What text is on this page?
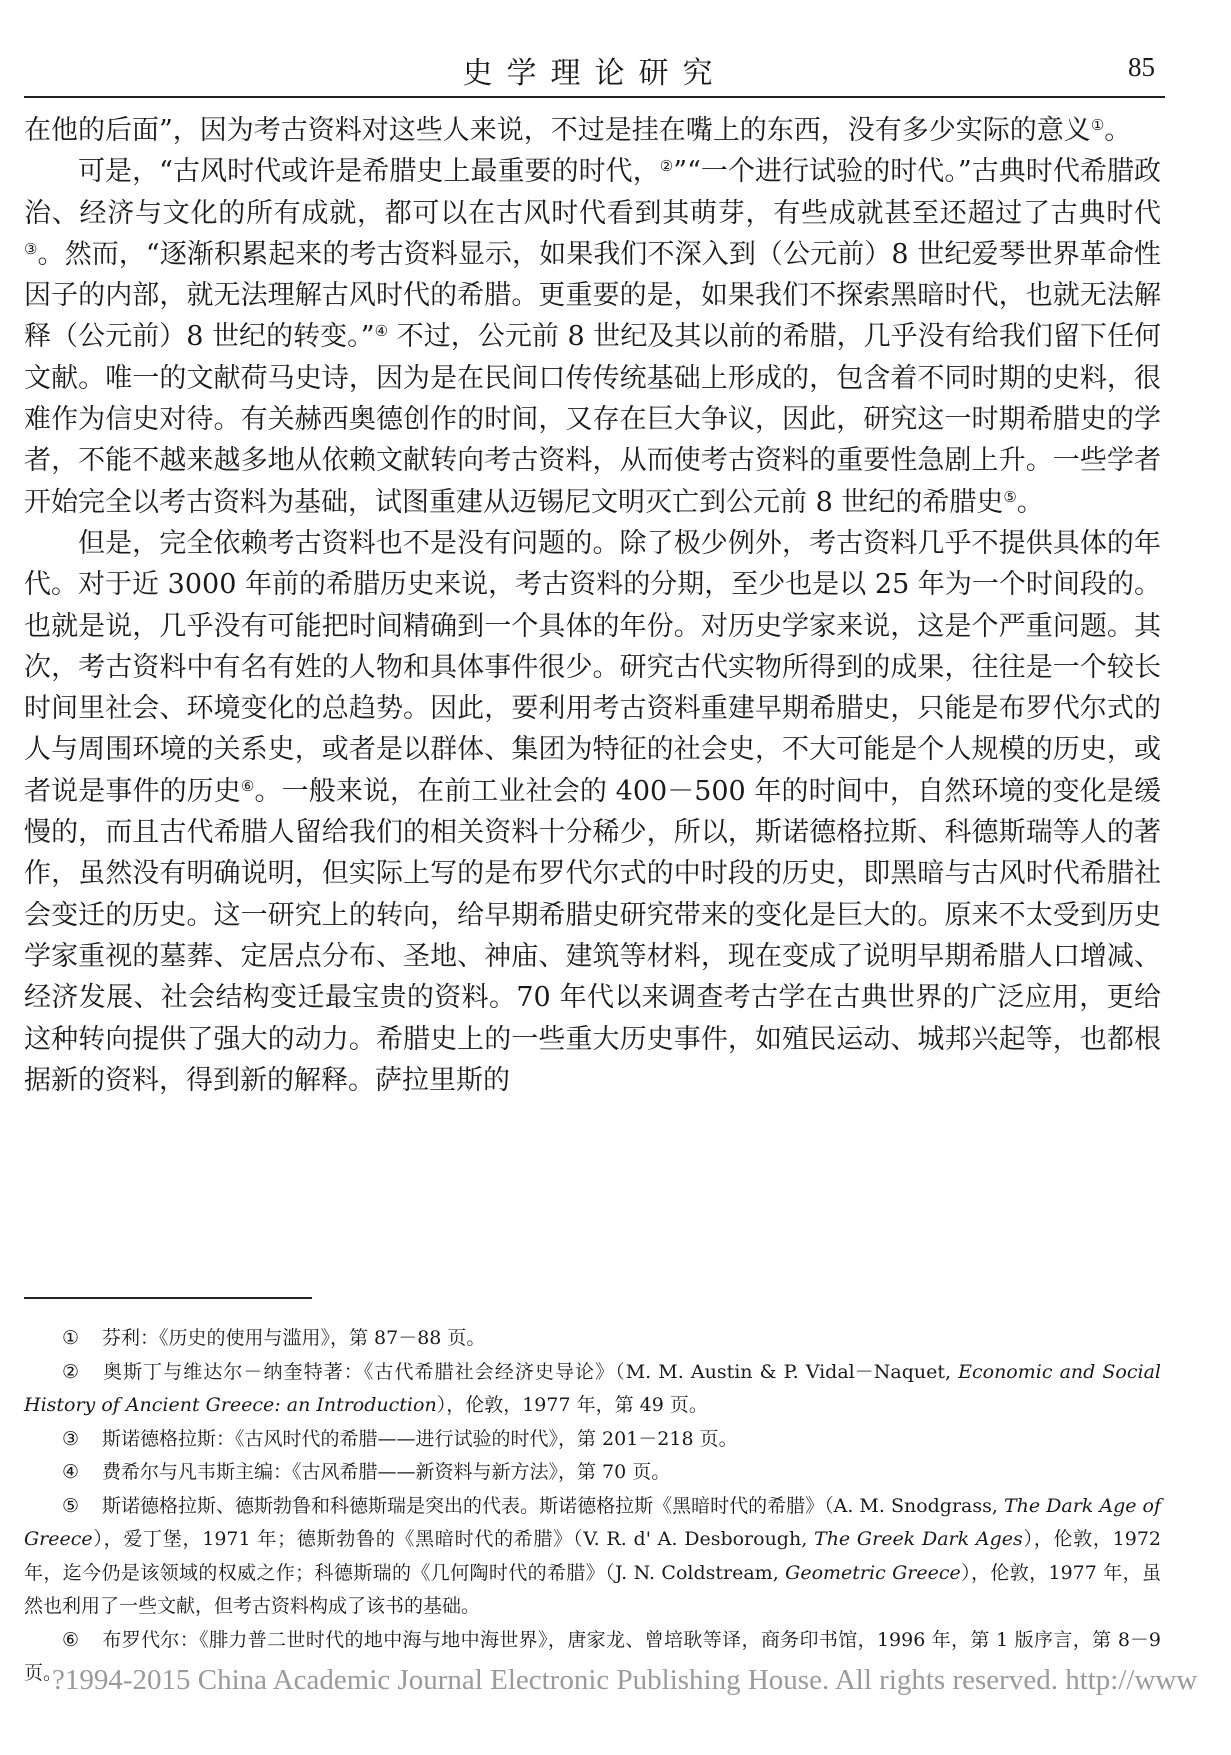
史学理论研究	85

在他的后面”，因为考古资料对这些人来说，不过是挂在嘴上的东西，没有多少实际的意义①。

可是，“古风时代或许是希腊史上最重要的时代，②”“一个进行试验的时代。”古典时代希腊政治、经济与文化的所有成就，都可以在古风时代看到其萌芽，有些成就甚至还超过了古典时代③。然而，“逐渐积累起来的考古资料显示，如果我们不深入到（公元前）8 世纪爱琴世界革命性因子的内部，就无法理解古风时代的希腊。更重要的是，如果我们不探索黑暗时代，也就无法解释（公元前）8 世纪的转变。”④ 不过，公元前 8 世纪及其以前的希腊，几乎没有给我们留下任何文献。唯一的文献荷马史诗，因为是在民间口传传统基础上形成的，包含着不同时期的史料，很难作为信史对待。有关赫西奥德创作的时间，又存在巨大争议，因此，研究这一时期希腊史的学者，不能不越来越多地从依赖文献转向考古资料，从而使考古资料的重要性急剧上升。一些学者开始完全以考古资料为基础，试图重建从迈锡尼文明灭亡到公元前 8 世纪的希腊史⑤。

但是，完全依赖考古资料也不是没有问题的。除了极少例外，考古资料几乎不提供具体的年代。对于近 3000 年前的希腊历史来说，考古资料的分期，至少也是以 25 年为一个时间段的。也就是说，几乎没有可能把时间精确到一个具体的年份。对历史学家来说，这是个严重问题。其次，考古资料中有名有姓的人物和具体事件很少。研究古代实物所得到的成果，往往是一个较长时间里社会、环境变化的总趋势。因此，要利用考古资料重建早期希腊史，只能是布罗代尔式的人与周围环境的关系史，或者是以群体、集团为特征的社会史，不大可能是个人规模的历史，或者说是事件的历史⑥。一般来说，在前工业社会的 400－500 年的时间中，自然环境的变化是缓慢的，而且古代希腊人留给我们的相关资料十分稀少，所以，斯诺德格拉斯、科德斯瑞等人的著作，虽然没有明确说明，但实际上写的是布罗代尔式的中时段的历史，即黑暗与古风时代希腊社会变迁的历史。这一研究上的转向，给早期希腊史研究带来的变化是巨大的。原来不太受到历史学家重视的墓葬、定居点分布、圣地、神庙、建筑等材料，现在变成了说明早期希腊人口增减、经济发展、社会结构变迁最宝贵的资料。70 年代以来调查考古学在古典世界的广泛应用，更给这种转向提供了强大的动力。希腊史上的一些重大历史事件，如殖民运动、城邦兴起等，也都根据新的资料，得到新的解释。萨拉里斯的

① 芬利：《历史的使用与滥用》，第 87－88 页。

② 奥斯丁与维达尔－纳奎特著：《古代希腊社会经济史导论》（M. M. Austin & P. Vidal－Naquet, Economic and Social History of Ancient Greece: an Introduction），伦敦，1977 年，第 49 页。

③ 斯诺德格拉斯：《古风时代的希腊——进行试验的时代》，第 201－218 页。

④ 费希尔与凡韦斯主编：《古风希腊——新资料与新方法》，第 70 页。

⑤ 斯诺德格拉斯、德斯勃鲁和科德斯瑞是突出的代表。斯诺德格拉斯《黑暗时代的希腊》（A. M. Snodgrass, The Dark Age of Greece），爱丁堡，1971 年；德斯勃鲁的《黑暗时代的希腊》（V. R. d' A. Desborough, The Greek Dark Ages），伦敦，1972 年，迄今仍是该领域的权威之作；科德斯瑞的《几何陶时代的希腊》（J. N. Coldstream, Geometric Greece），伦敦，1977 年，虽然也利用了一些文献，但考古资料构成了该书的基础。

⑥ 布罗代尔：《腓力普二世时代的地中海与地中海世界》，唐家龙、曾培耿等译，商务印书馆，1996 年，第 1 版序言，第 8－9 页。

?1994-2015 China Academic Journal Electronic Publishing House. All rights reserved. http://www
